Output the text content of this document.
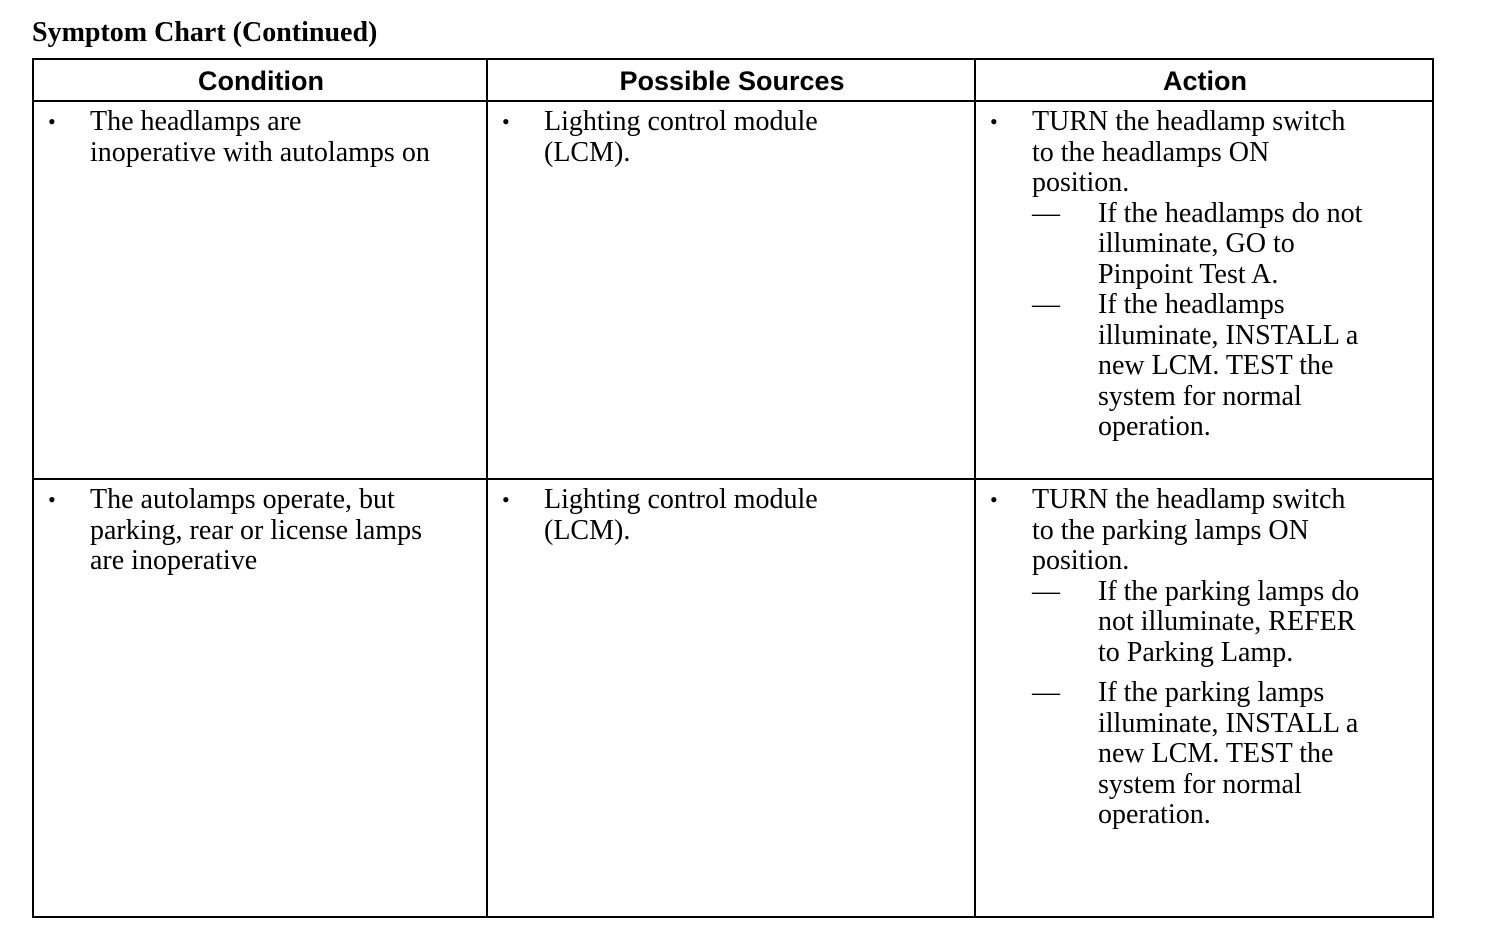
Symptom Chart (Continued)
Condition	Possible Sources	Action
• The headlamps are
inoperative with autolamps on
• Lighting control module
(LCM).
• TURN the headlamp switch
to the headlamps ON
position.
— If the headlamps do not
illuminate, GO to
Pinpoint Test A.
— If the headlamps
illuminate, INSTALL a
new LCM. TEST the
system for normal
operation.
• The autolamps operate, but
parking, rear or license lamps
are inoperative
• Lighting control module
(LCM).
• TURN the headlamp switch
to the parking lamps ON
position.
— If the parking lamps do
not illuminate, REFER
to Parking Lamp.
— If the parking lamps
illuminate, INSTALL a
new LCM. TEST the
system for normal
operation.
